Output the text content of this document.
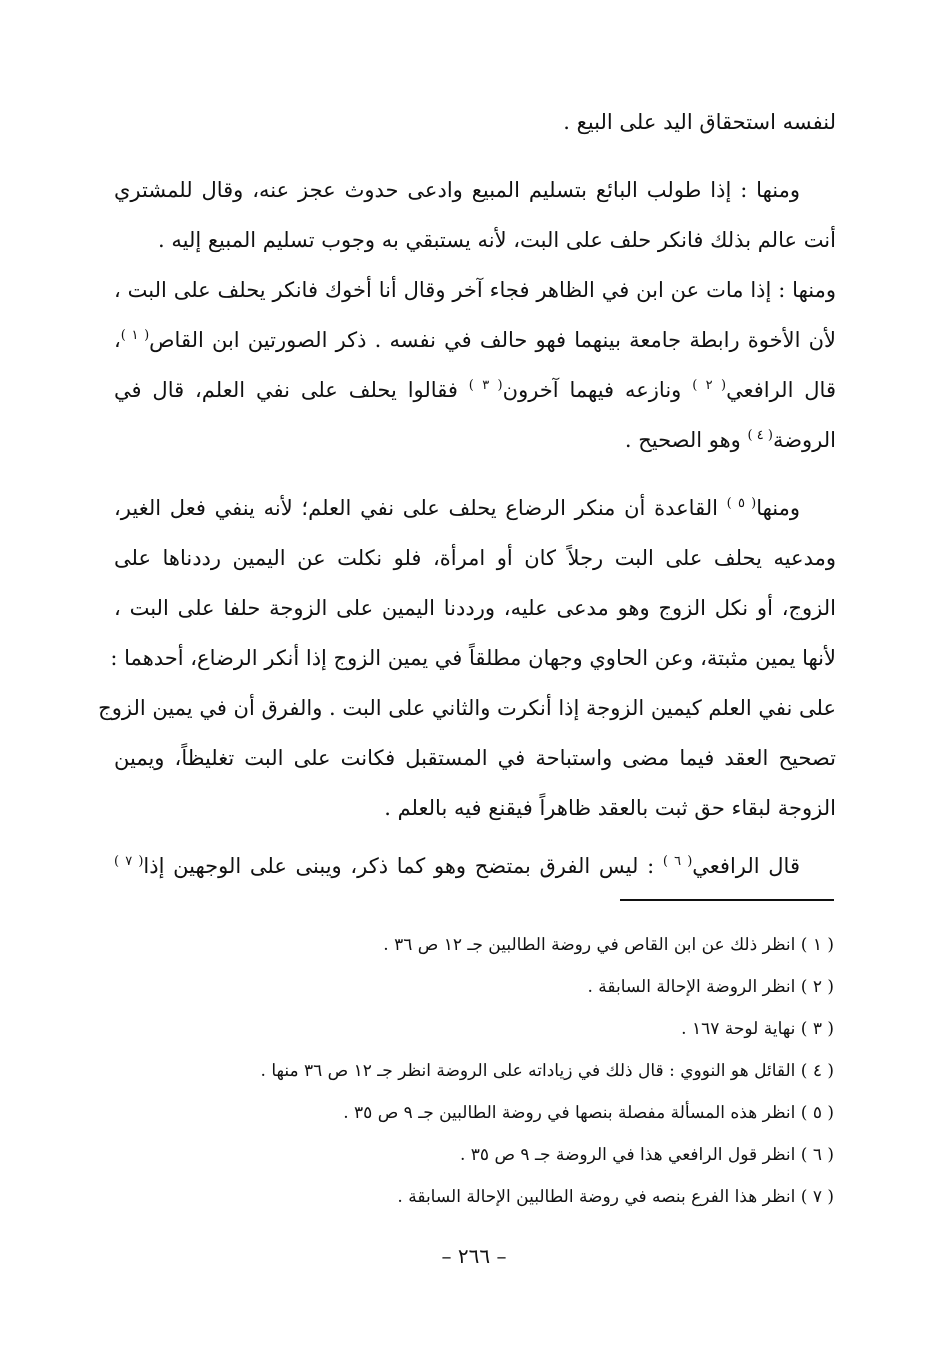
لنفسه استحقاق اليد على البيع .
ومنها : إذا طولب البائع بتسليم المبيع وادعى حدوث عجز عنه، وقال للمشتري
أنت عالم بذلك فانكر حلف على البت، لأنه يستبقي به وجوب تسليم المبيع إليه .
ومنها : إذا مات عن ابن في الظاهر فجاء آخر وقال أنا أخوك فانكر يحلف على البت ،
لأن الأخوة رابطة جامعة بينهما فهو حالف في نفسه . ذكر الصورتين ابن القاص$^{( ١ )}$،
قال الرافعي$^{( ٢ )}$ ونازعه فيهما آخرون$^{( ٣ )}$ فقالوا يحلف على نفي العلم، قال في
الروضة$^{( ٤ )}$ وهو الصحيح .
ومنها$^{( ٥ )}$ القاعدة أن منكر الرضاع يحلف على نفي العلم؛ لأنه ينفي فعل الغير،
ومدعيه يحلف على البت رجلاً كان أو امرأة، فلو نكلت عن اليمين رددناها على
الزوج، أو نكل الزوج وهو مدعى عليه، ورددنا اليمين على الزوجة حلفا على البت ،
لأنها يمين مثبتة، وعن الحاوي وجهان مطلقاً في يمين الزوج إذا أنكر الرضاع، أحدهما :
على نفي العلم كيمين الزوجة إذا أنكرت والثاني على البت . والفرق أن في يمين الزوج
تصحيح العقد فيما مضى واستباحة في المستقبل فكانت على البت تغليظاً، ويمين
الزوجة لبقاء حق ثبت بالعقد ظاهراً فيقنع فيه بالعلم .
قال الرافعي$^{( ٦ )}$ : ليس الفرق بمتضح وهو كما ذكر، ويبنى على الوجهين إذا$^{( ٧ )}$
( ١ ) انظر ذلك عن ابن القاص في روضة الطالبين جـ ١٢ ص ٣٦ .
( ٢ ) انظر الروضة الإحالة السابقة .
( ٣ ) نهاية لوحة ١٦٧ .
( ٤ ) القائل هو النووي : قال ذلك في زياداته على الروضة انظر جـ ١٢ ص ٣٦ منها .
( ٥ ) انظر هذه المسألة مفصلة بنصها في روضة الطالبين جـ ٩ ص ٣٥ .
( ٦ ) انظر قول الرافعي هذا في الروضة جـ ٩ ص ٣٥ .
( ٧ ) انظر هذا الفرع بنصه في روضة الطالبين الإحالة السابقة .
– ٢٦٦ –
